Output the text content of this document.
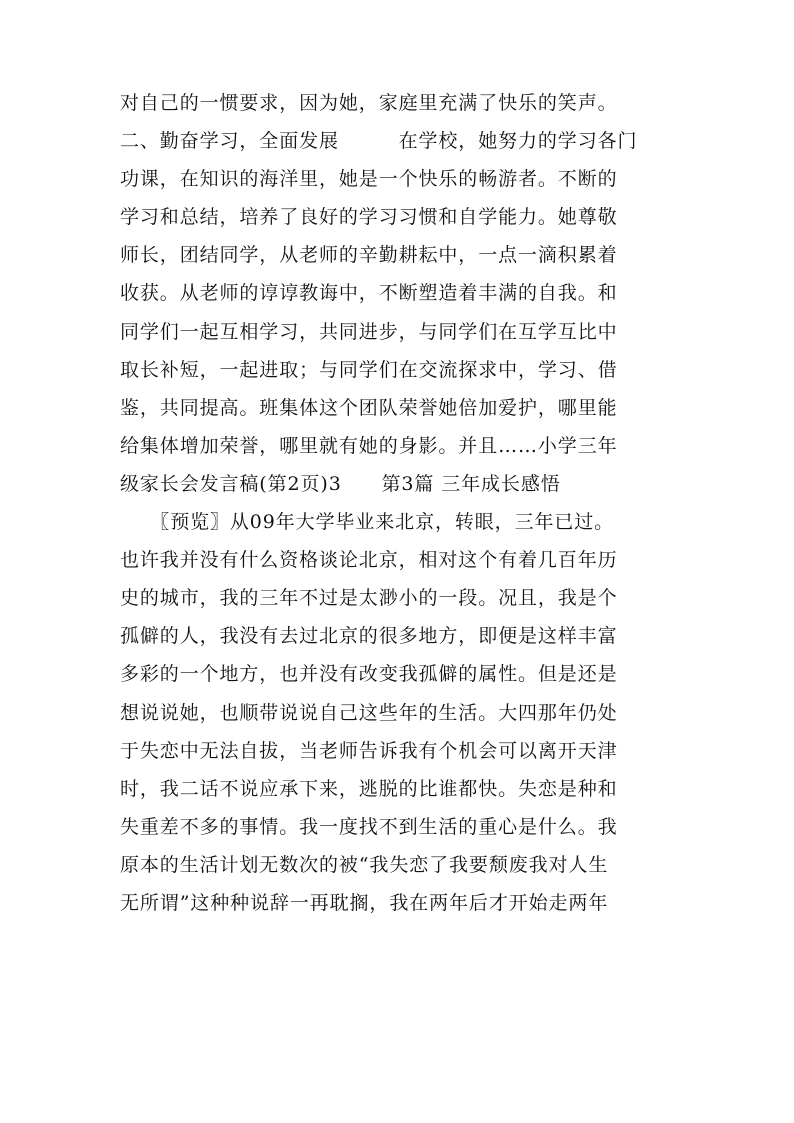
对自己的一惯要求，因为她，家庭里充满了快乐的笑声。
二、勤奋学习，全面发展　　　在学校，她努力的学习各门
功课，在知识的海洋里，她是一个快乐的畅游者。不断的
学习和总结，培养了良好的学习习惯和自学能力。她尊敬
师长，团结同学，从老师的辛勤耕耘中，一点一滴积累着
收获。从老师的谆谆教诲中，不断塑造着丰满的自我。和
同学们一起互相学习，共同进步，与同学们在互学互比中
取长补短，一起进取；与同学们在交流探求中，学习、借
鉴，共同提高。班集体这个团队荣誉她倍加爱护，哪里能
给集体增加荣誉，哪里就有她的身影。并且……小学三年
级家长会发言稿(第2页)3　　第3篇 三年成长感悟
　　〖预览〗从09年大学毕业来北京，转眼，三年已过。
也许我并没有什么资格谈论北京，相对这个有着几百年历
史的城市，我的三年不过是太渺小的一段。况且，我是个
孤僻的人，我没有去过北京的很多地方，即便是这样丰富
多彩的一个地方，也并没有改变我孤僻的属性。但是还是
想说说她，也顺带说说自己这些年的生活。大四那年仍处
于失恋中无法自拔，当老师告诉我有个机会可以离开天津
时，我二话不说应承下来，逃脱的比谁都快。失恋是种和
失重差不多的事情。我一度找不到生活的重心是什么。我
原本的生活计划无数次的被“我失恋了我要颓废我对人生
无所谓”这种种说辞一再耽搁，我在两年后才开始走两年
